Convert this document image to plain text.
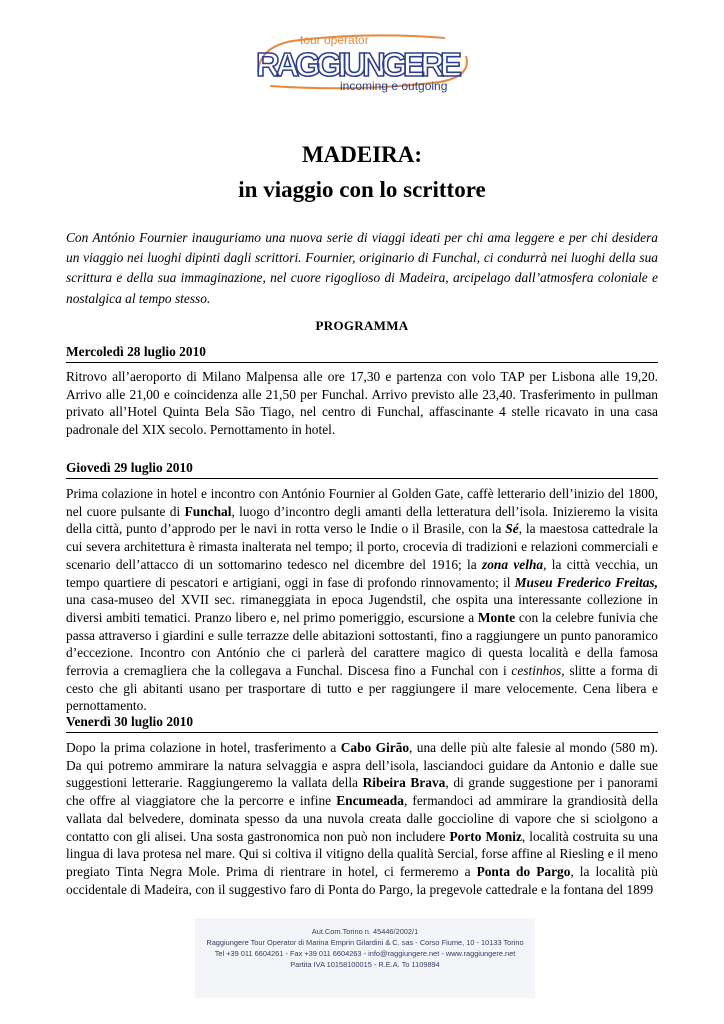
tour operator
RAGGIUNGERE
incoming e outgoing
MADEIRA:
in viaggio con lo scrittore

Con António Fournier inauguriamo una nuova serie di viaggi ideati per chi ama leggere e per chi desidera un viaggio nei luoghi dipinti dagli scrittori. Fournier, originario di Funchal, ci condurrà nei luoghi della sua scrittura e della sua immaginazione, nel cuore rigoglioso di Madeira, arcipelago dall’atmosfera coloniale e nostalgica al tempo stesso.

PROGRAMMA
Mercoledì 28 luglio 2010

Ritrovo all’aeroporto di Milano Malpensa alle ore 17,30 e partenza con volo TAP per Lisbona alle 19,20. Arrivo alle 21,00 e coincidenza alle 21,50 per Funchal. Arrivo previsto alle 23,40. Trasferimento in pullman privato all’Hotel Quinta Bela São Tiago, nel centro di Funchal, affascinante 4 stelle ricavato in una casa padronale del XIX secolo. Pernottamento in hotel.

Giovedì 29 luglio 2010

Prima colazione in hotel e incontro con António Fournier al Golden Gate, caffè letterario dell’inizio del 1800, nel cuore pulsante di Funchal, luogo d’incontro degli amanti della letteratura dell’isola. Inizieremo la visita della città, punto d’approdo per le navi in rotta verso le Indie o il Brasile, con la Sé, la maestosa cattedrale la cui severa architettura è rimasta inalterata nel tempo; il porto, crocevia di tradizioni e relazioni commerciali e scenario dell’attacco di un sottomarino tedesco nel dicembre del 1916; la zona velha, la città vecchia, un tempo quartiere di pescatori e artigiani, oggi in fase di profondo rinnovamento; il Museu Frederico Freitas, una casa-museo del XVII sec. rimaneggiata in epoca Jugendstil, che ospita una interessante collezione in diversi ambiti tematici. Pranzo libero e, nel primo pomeriggio, escursione a Monte con la celebre funivia che passa attraverso i giardini e sulle terrazze delle abitazioni sottostanti, fino a raggiungere un punto panoramico d’eccezione. Incontro con António che ci parlerà del carattere magico di questa località e della famosa ferrovia a cremagliera che la collegava a Funchal. Discesa fino a Funchal con i cestinhos, slitte a forma di cesto che gli abitanti usano per trasportare di tutto e per raggiungere il mare velocemente. Cena libera e pernottamento.

Venerdì 30 luglio 2010

Dopo la prima colazione in hotel, trasferimento a Cabo Girão, una delle più alte falesie al mondo (580 m). Da qui potremo ammirare la natura selvaggia e aspra dell’isola, lasciandoci guidare da Antonio e dalle sue suggestioni letterarie. Raggiungeremo la vallata della Ribeira Brava, di grande suggestione per i panorami che offre al viaggiatore che la percorre e infine Encumeada, fermandoci ad ammirare la grandiosità della vallata dal belvedere, dominata spesso da una nuvola creata dalle goccioline di vapore che si sciolgono a contatto con gli alisei. Una sosta gastronomica non può non includere Porto Moniz, località costruita su una lingua di lava protesa nel mare. Qui si coltiva il vitigno della qualità Sercial, forse affine al Riesling e il meno pregiato Tinta Negra Mole. Prima di rientrare in hotel, ci fermeremo a Ponta do Pargo, la località più occidentale di Madeira, con il suggestivo faro di Ponta do Pargo, la pregevole cattedrale e la fontana del 1899

Aut.Com.Torino n. 45446/2002/1
Raggiungere Tour Operator di Marina Emprin Gilardini & C. sas - Corso Fiume, 10 - 10133 Torino
Tel +39 011 6604261 - Fax +39 011 6604263 - info@raggiungere.net - www.raggiungere.net
Partita IVA 10158100015 - R.E.A. To 1109894
